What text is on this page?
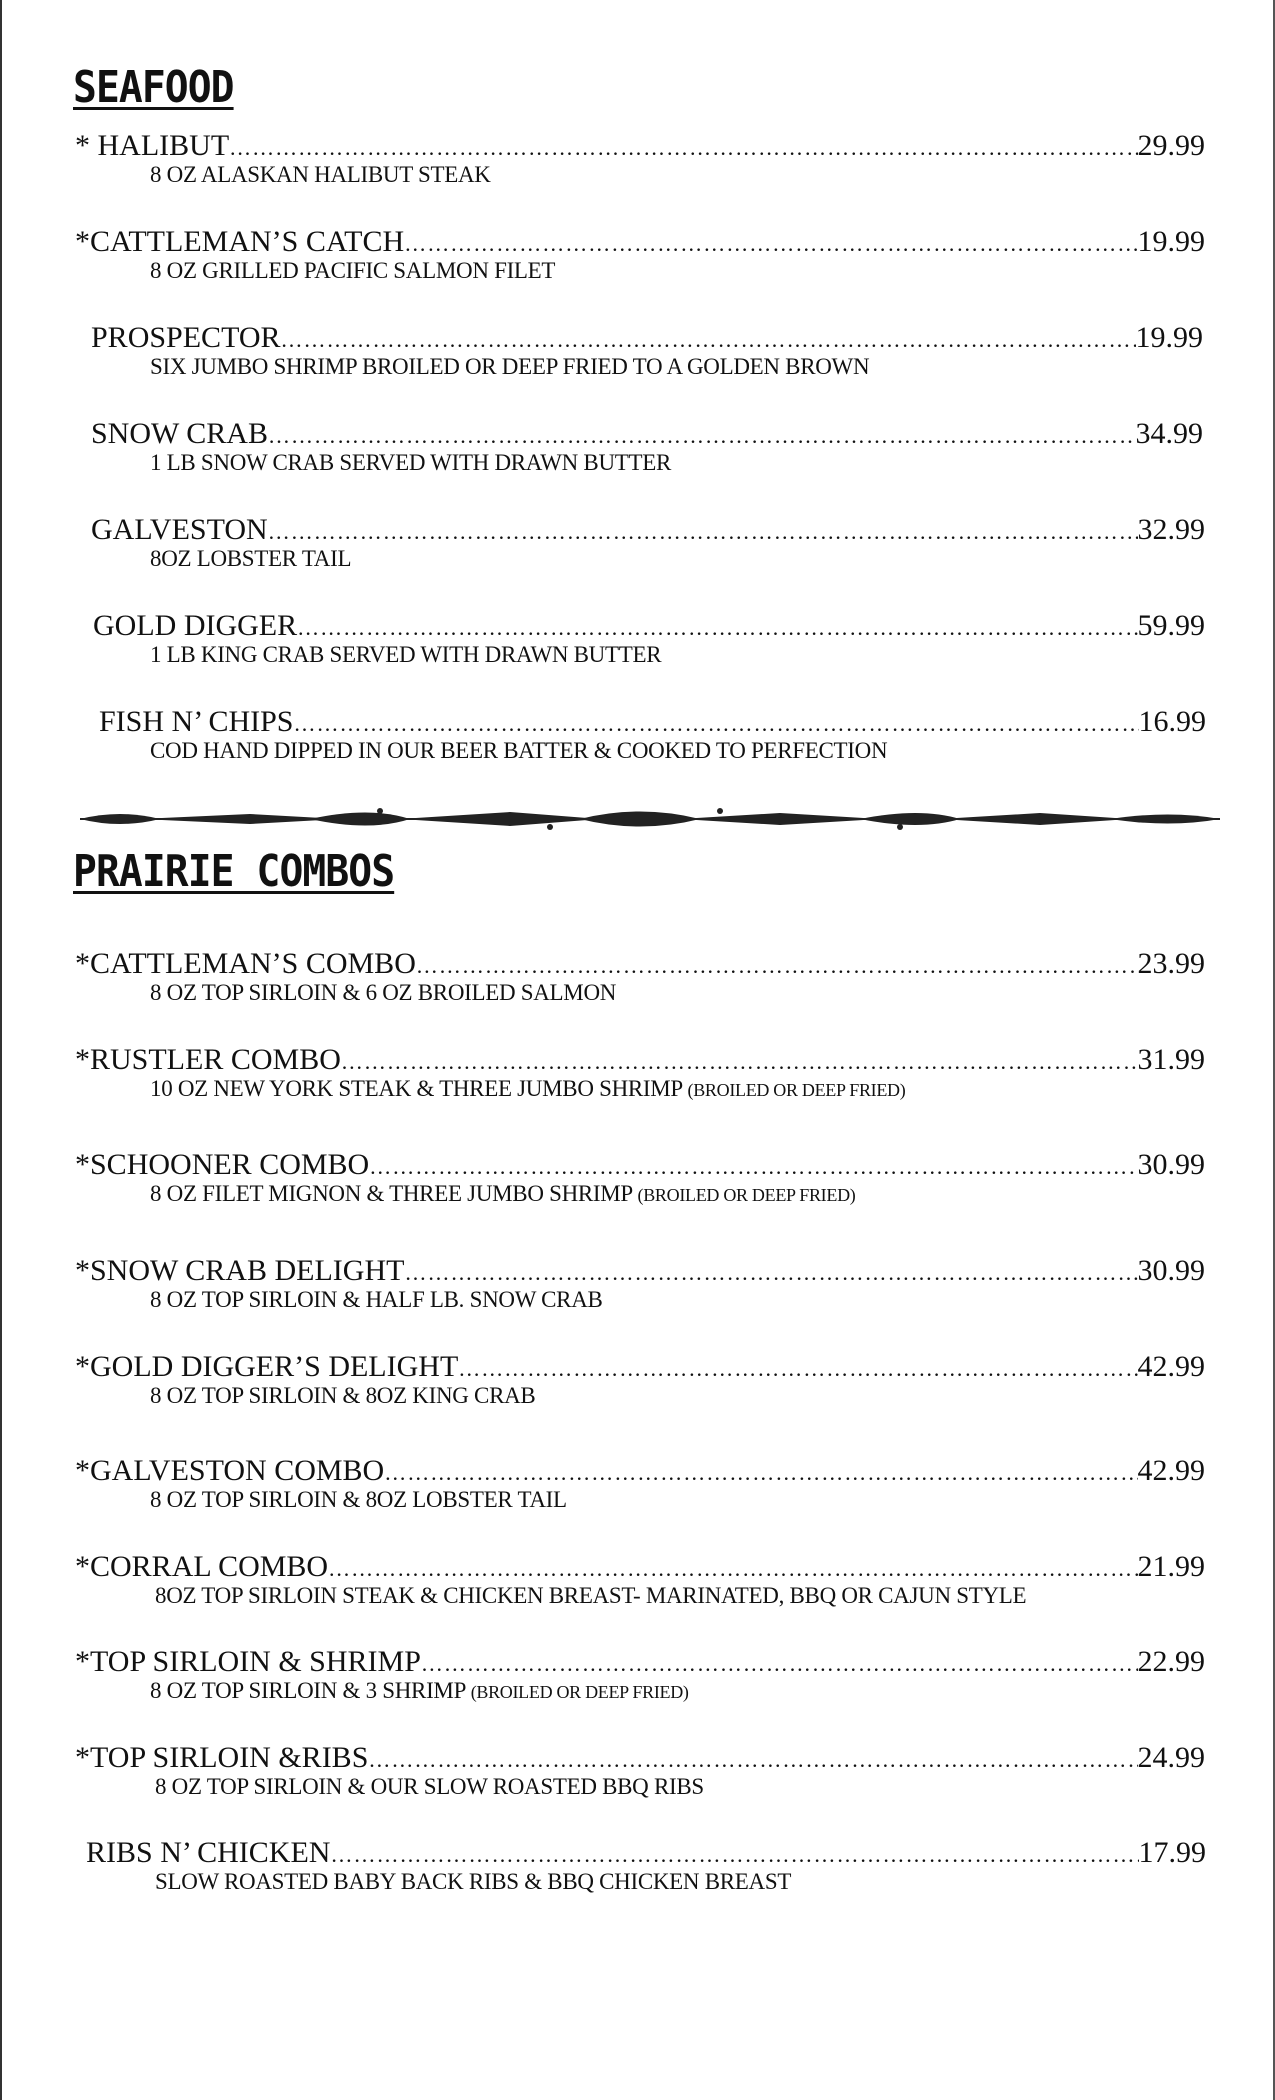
SEAFOOD
* HALIBUT ……………………………………………………………………………………………………………………………………………………………………………………………………………………	29.99
8 OZ ALASKAN HALIBUT STEAK
*CATTLEMAN’S CATCH ……………………………………………………………………………………………………………………………………………………………………………………………………………………	19.99
8 OZ GRILLED PACIFIC SALMON FILET
PROSPECTOR ……………………………………………………………………………………………………………………………………………………………………………………………………………………	19.99
SIX JUMBO SHRIMP BROILED OR DEEP FRIED TO A GOLDEN BROWN
SNOW CRAB ……………………………………………………………………………………………………………………………………………………………………………………………………………………	34.99
1 LB SNOW CRAB SERVED WITH DRAWN BUTTER
GALVESTON ……………………………………………………………………………………………………………………………………………………………………………………………………………………	32.99
8OZ LOBSTER TAIL
GOLD DIGGER ……………………………………………………………………………………………………………………………………………………………………………………………………………………	59.99
1 LB KING CRAB SERVED WITH DRAWN BUTTER
FISH N’ CHIPS ……………………………………………………………………………………………………………………………………………………………………………………………………………………	16.99
COD HAND DIPPED IN OUR BEER BATTER & COOKED TO PERFECTION
PRAIRIE COMBOS
*CATTLEMAN’S COMBO ……………………………………………………………………………………………………………………………………………………………………………………………………………………	23.99
8 OZ TOP SIRLOIN & 6 OZ BROILED SALMON
*RUSTLER COMBO ……………………………………………………………………………………………………………………………………………………………………………………………………………………	31.99
10 OZ NEW YORK STEAK & THREE JUMBO SHRIMP (BROILED OR DEEP FRIED)
*SCHOONER COMBO ……………………………………………………………………………………………………………………………………………………………………………………………………………………	30.99
8 OZ FILET MIGNON & THREE JUMBO SHRIMP (BROILED OR DEEP FRIED)
*SNOW CRAB DELIGHT ……………………………………………………………………………………………………………………………………………………………………………………………………………………	30.99
8 OZ TOP SIRLOIN & HALF LB. SNOW CRAB
*GOLD DIGGER’S DELIGHT ……………………………………………………………………………………………………………………………………………………………………………………………………………………	42.99
8 OZ TOP SIRLOIN & 8OZ KING CRAB
*GALVESTON COMBO ……………………………………………………………………………………………………………………………………………………………………………………………………………………	42.99
8 OZ TOP SIRLOIN & 8OZ LOBSTER TAIL
*CORRAL COMBO ……………………………………………………………………………………………………………………………………………………………………………………………………………………	21.99
8OZ TOP SIRLOIN STEAK & CHICKEN BREAST- MARINATED, BBQ OR CAJUN STYLE
*TOP SIRLOIN & SHRIMP ……………………………………………………………………………………………………………………………………………………………………………………………………………………	22.99
8 OZ TOP SIRLOIN & 3 SHRIMP (BROILED OR DEEP FRIED)
*TOP SIRLOIN &RIBS ……………………………………………………………………………………………………………………………………………………………………………………………………………………	24.99
8 OZ TOP SIRLOIN & OUR SLOW ROASTED BBQ RIBS
RIBS N’ CHICKEN ……………………………………………………………………………………………………………………………………………………………………………………………………………………	17.99
SLOW ROASTED BABY BACK RIBS & BBQ CHICKEN BREAST
